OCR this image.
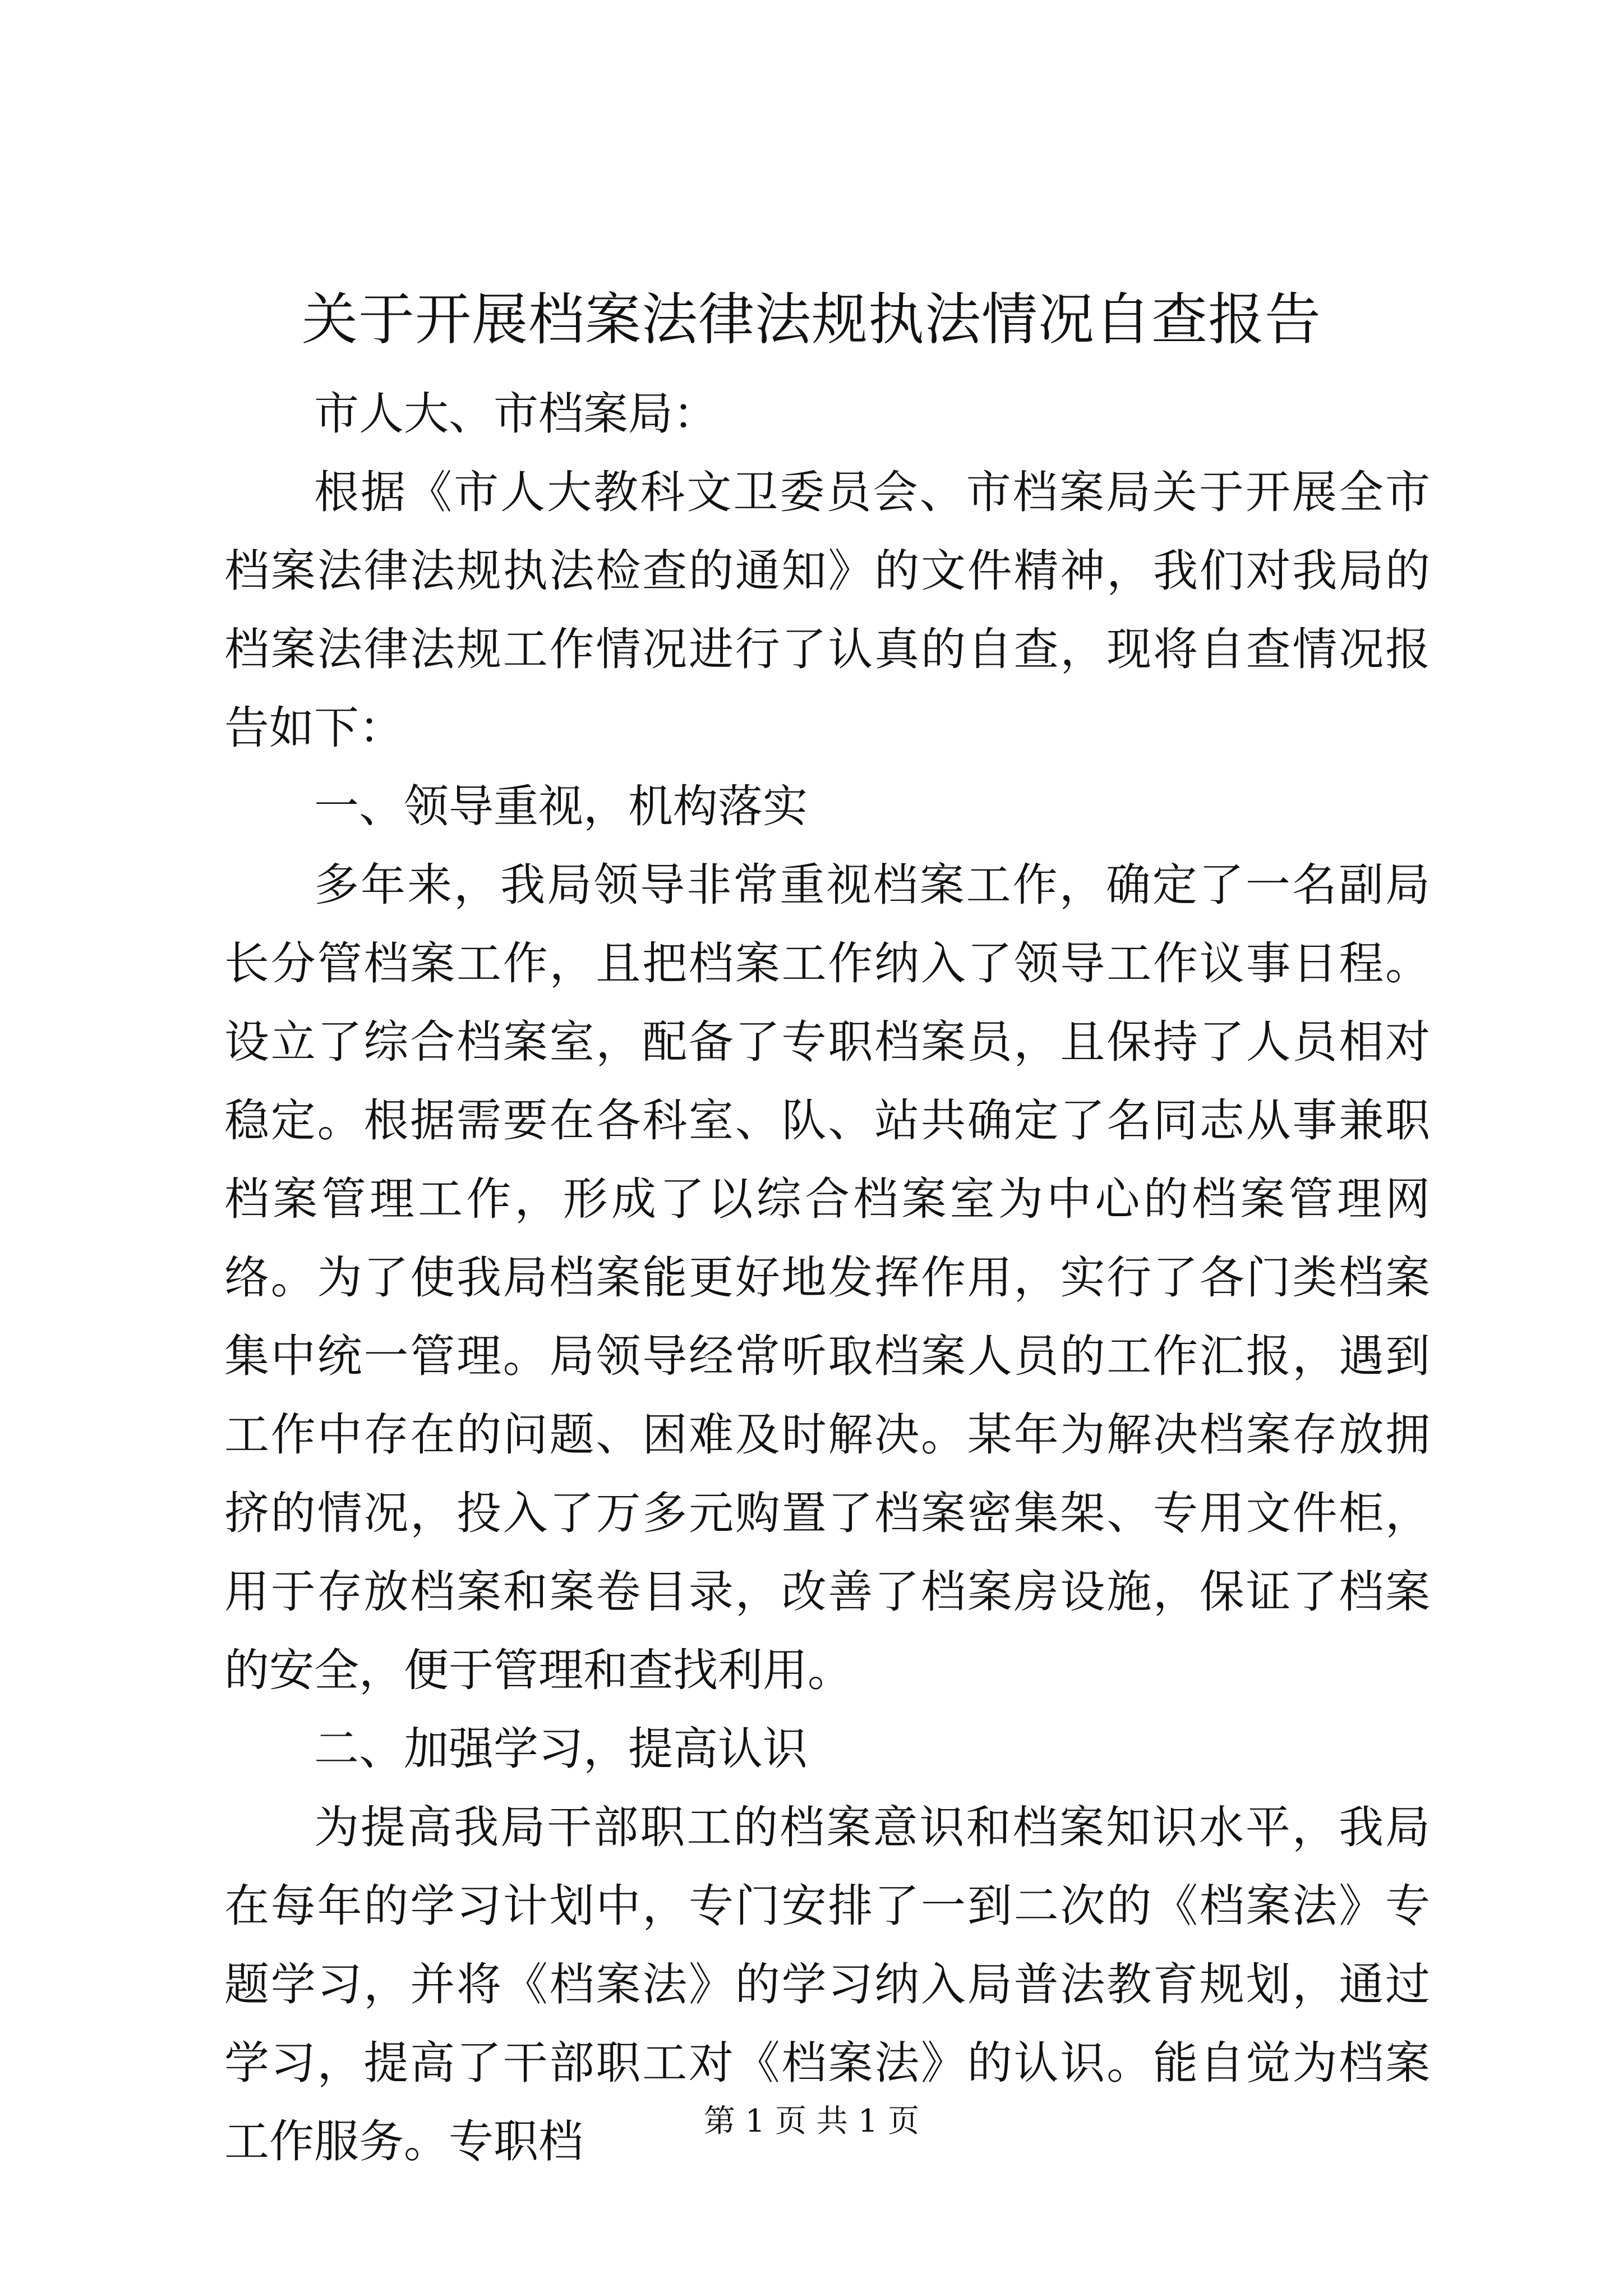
关于开展档案法律法规执法情况自查报告

市人大、市档案局：

根据《市人大教科文卫委员会、市档案局关于开展全市档案法律法规执法检查的通知》的文件精神，我们对我局的档案法律法规工作情况进行了认真的自查，现将自查情况报告如下：

一、领导重视，机构落实

多年来，我局领导非常重视档案工作，确定了一名副局长分管档案工作，且把档案工作纳入了领导工作议事日程。设立了综合档案室，配备了专职档案员，且保持了人员相对稳定。根据需要在各科室、队、站共确定了名同志从事兼职档案管理工作，形成了以综合档案室为中心的档案管理网络。为了使我局档案能更好地发挥作用，实行了各门类档案集中统一管理。局领导经常听取档案人员的工作汇报，遇到工作中存在的问题、困难及时解决。某年为解决档案存放拥挤的情况，投入了万多元购置了档案密集架、专用文件柜，用于存放档案和案卷目录，改善了档案房设施，保证了档案的安全，便于管理和查找利用。

二、加强学习，提高认识

为提高我局干部职工的档案意识和档案知识水平，我局在每年的学习计划中，专门安排了一到二次的《档案法》专题学习，并将《档案法》的学习纳入局普法教育规划，通过学习，提高了干部职工对《档案法》的认识。能自觉为档案工作服务。专职档	第 1 页 共 1 页
